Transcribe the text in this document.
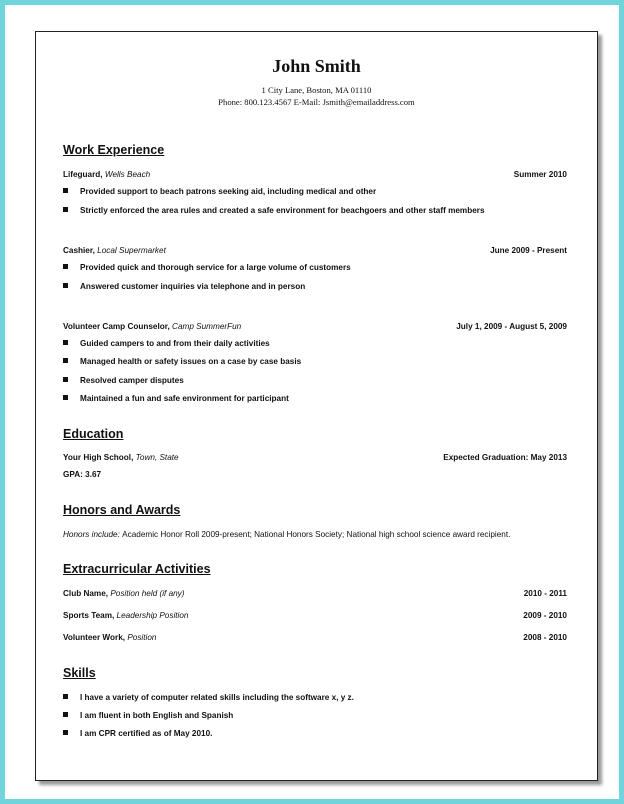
John Smith
1 City Lane, Boston, MA 01110
Phone: 800.123.4567 E-Mail: Jsmith@emailaddress.com
Work Experience
Lifeguard, Wells Beach	Summer 2010
Provided support to beach patrons seeking aid, including medical and other
Strictly enforced the area rules and created a safe environment for beachgoers and other staff members
Cashier, Local Supermarket	June 2009 - Present
Provided quick and thorough service for a large volume of customers
Answered customer inquiries via telephone and in person
Volunteer Camp Counselor, Camp SummerFun	July 1, 2009 - August 5, 2009
Guided campers to and from their daily activities
Managed health or safety issues on a case by case basis
Resolved camper disputes
Maintained a fun and safe environment for participant
Education
Your High School, Town, State	Expected Graduation: May 2013
GPA: 3.67
Honors and Awards
Honors include: Academic Honor Roll 2009-present; National Honors Society; National high school science award recipient.
Extracurricular Activities
Club Name, Position held (if any)	2010 - 2011
Sports Team, Leadership Position	2009 - 2010
Volunteer Work, Position	2008 - 2010
Skills
I have a variety of computer related skills including the software x, y z.
I am fluent in both English and Spanish
I am CPR certified as of May 2010.
